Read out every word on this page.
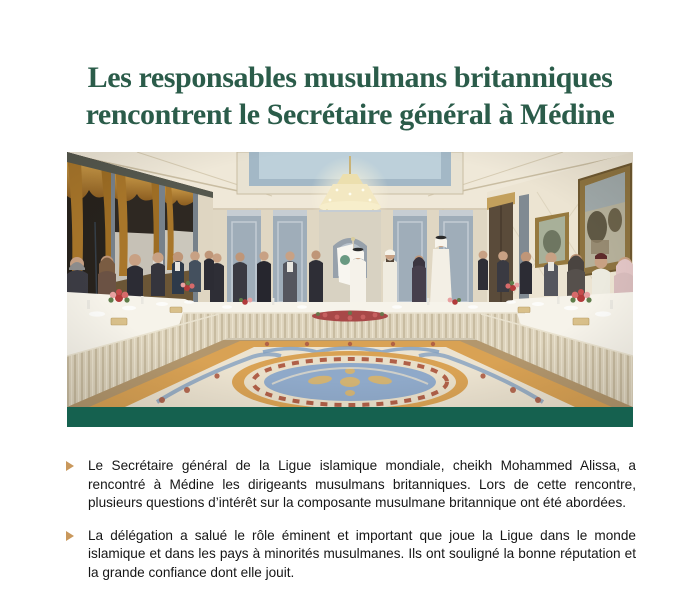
Les responsables musulmans britanniques
rencontrent le Secrétaire général à Médine
Le Secrétaire général de la Ligue islamique mondiale, cheikh Mohammed Alissa, a rencontré à Médine les dirigeants musulmans britanniques. Lors de cette rencontre, plusieurs questions d’intérêt sur la composante musulmane britannique ont été abordées.
La délégation a salué le rôle éminent et important que joue la Ligue dans le monde islamique et dans les pays à minorités musulmanes. Ils ont souligné la bonne réputation et la grande confiance dont elle jouit.
